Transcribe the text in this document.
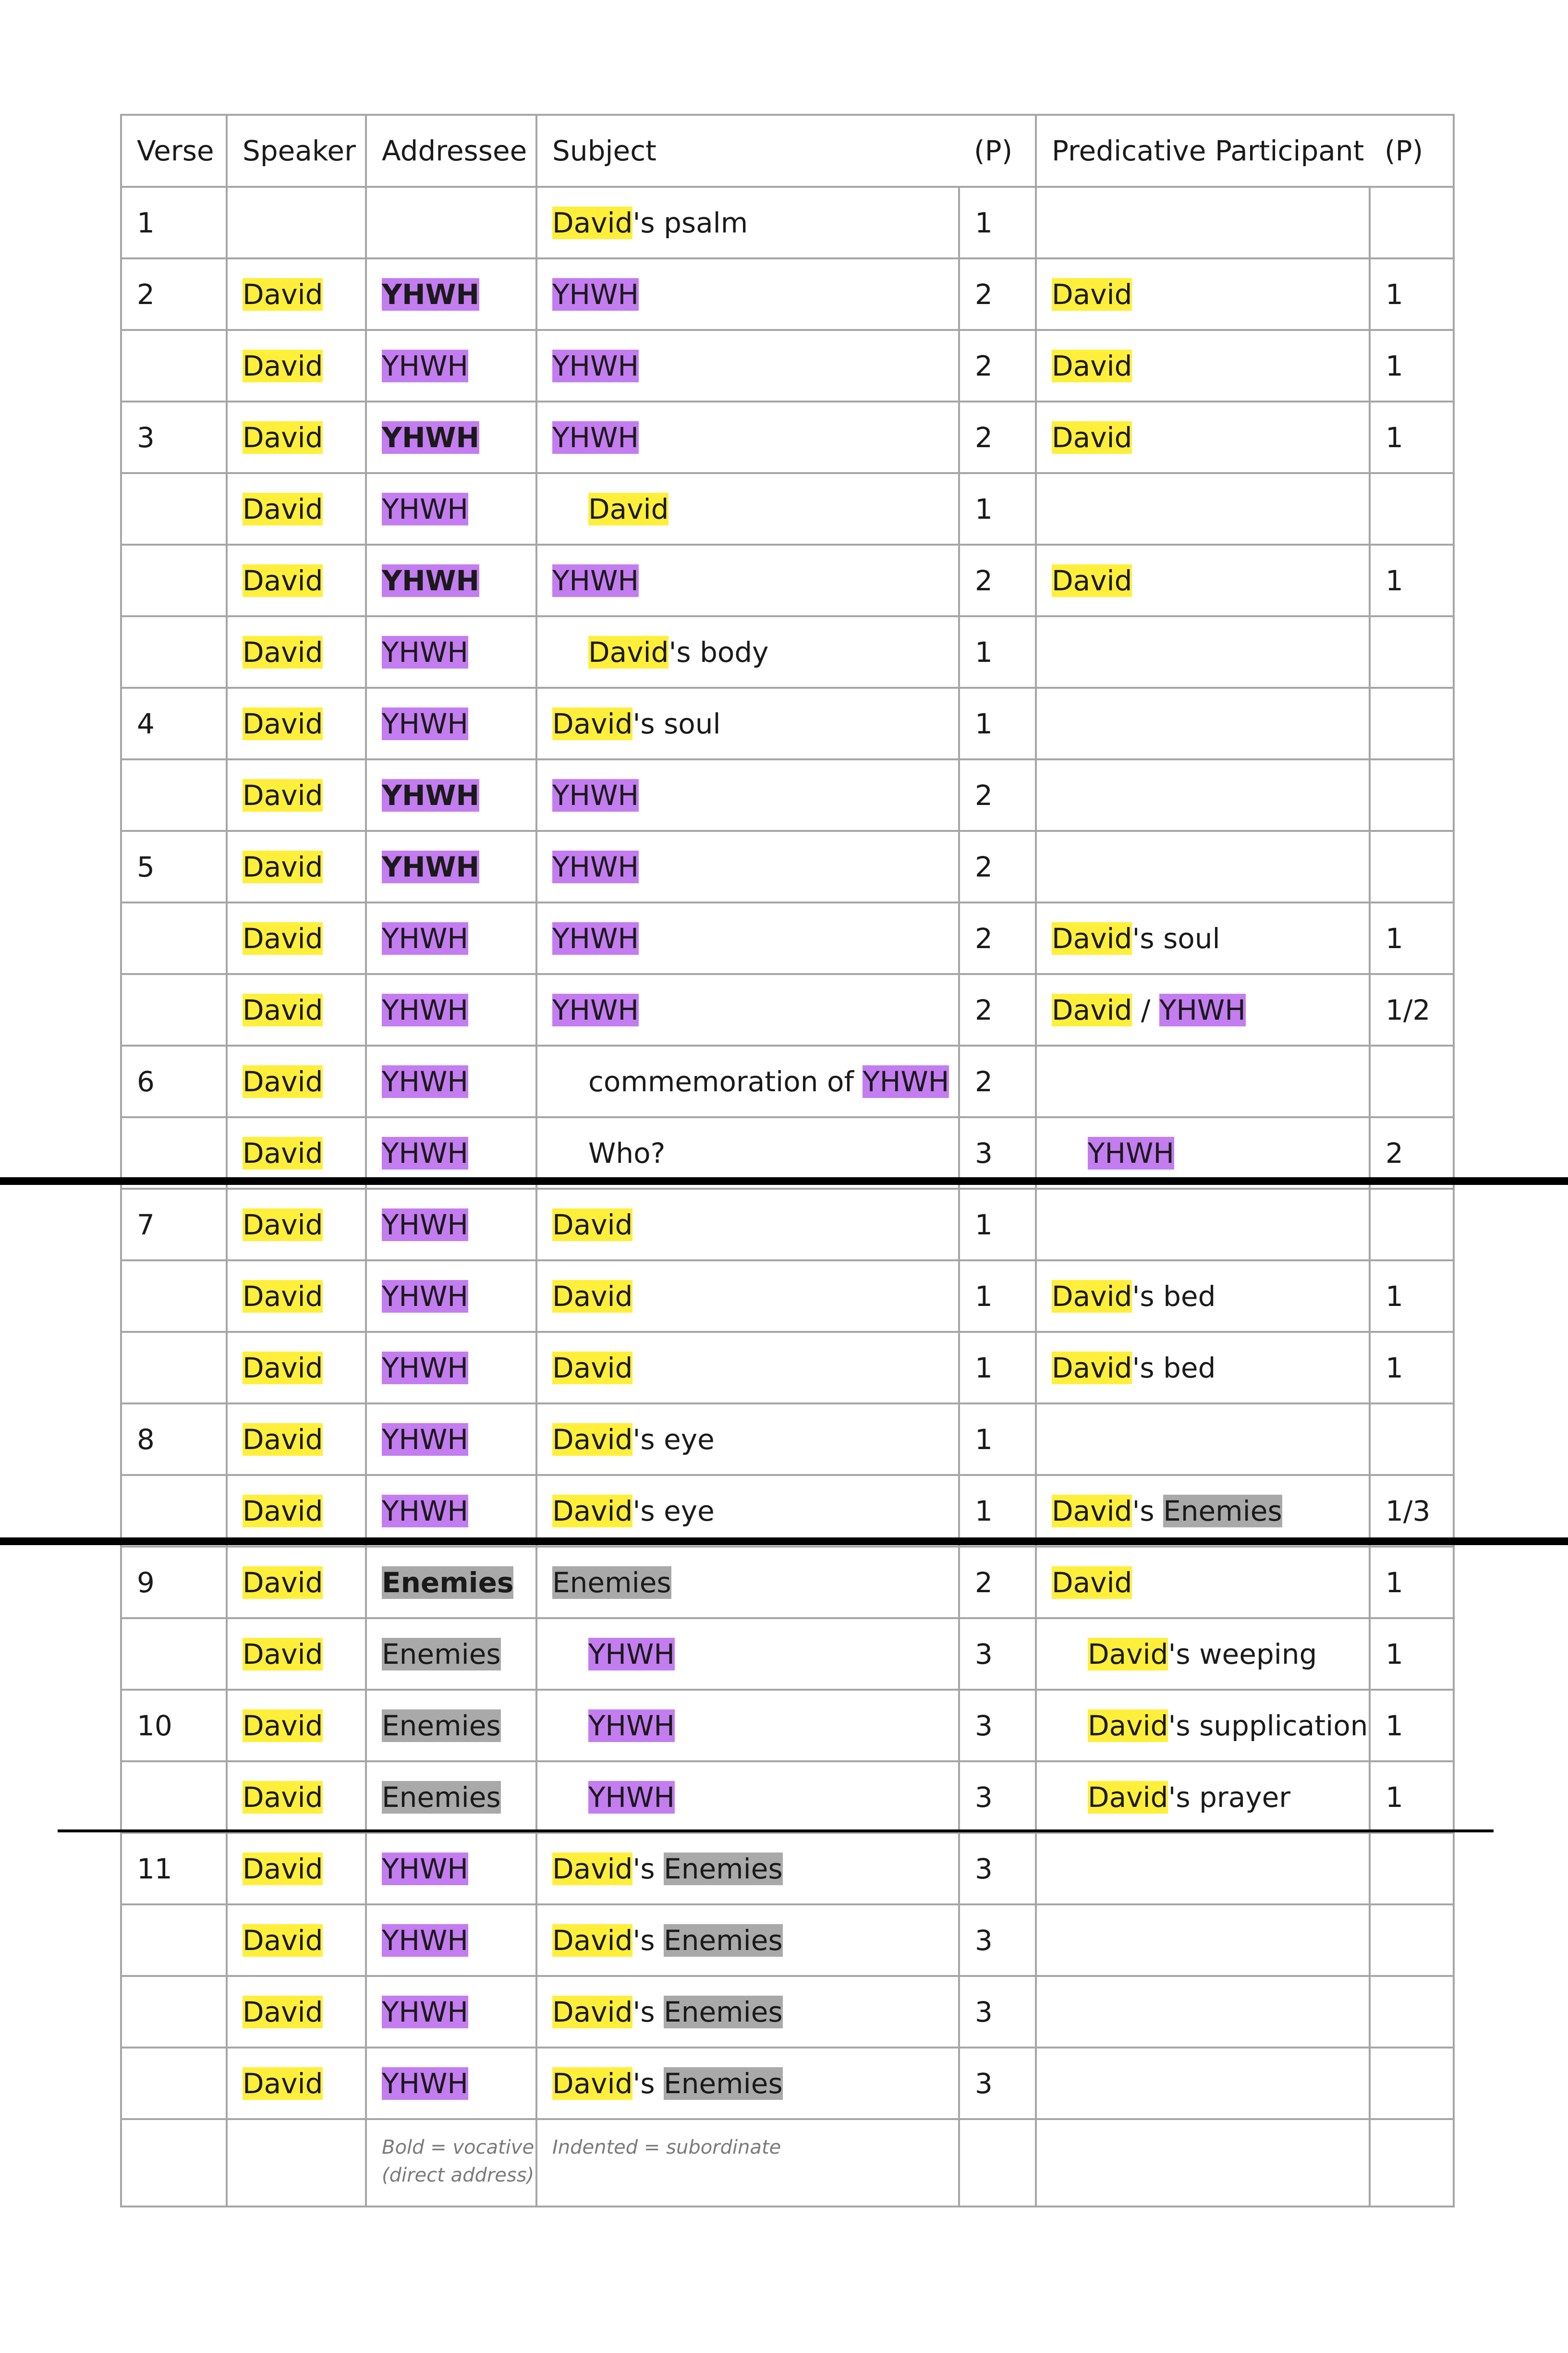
Verse	Speaker	Addressee	Subject	(P)	Predicative Participant	(P)
1			David's psalm	1		
2	David	YHWH	YHWH	2	David	1
	David	YHWH	YHWH	2	David	1
3	David	YHWH	YHWH	2	David	1
	David	YHWH	David	1		
	David	YHWH	YHWH	2	David	1
	David	YHWH	David's body	1		
4	David	YHWH	David's soul	1		
	David	YHWH	YHWH	2		
5	David	YHWH	YHWH	2		
	David	YHWH	YHWH	2	David's soul	1
	David	YHWH	YHWH	2	David / YHWH	1/2
6	David	YHWH	commemoration of YHWH	2		
	David	YHWH	Who?	3	YHWH	2
7	David	YHWH	David	1		
	David	YHWH	David	1	David's bed	1
	David	YHWH	David	1	David's bed	1
8	David	YHWH	David's eye	1		
	David	YHWH	David's eye	1	David's Enemies	1/3
9	David	Enemies	Enemies	2	David	1
	David	Enemies	YHWH	3	David's weeping	1
10	David	Enemies	YHWH	3	David's supplication	1
	David	Enemies	YHWH	3	David's prayer	1
11	David	YHWH	David's Enemies	3		
	David	YHWH	David's Enemies	3		
	David	YHWH	David's Enemies	3		
	David	YHWH	David's Enemies	3		

		Bold = vocative (direct address)	Indented = subordinate			
